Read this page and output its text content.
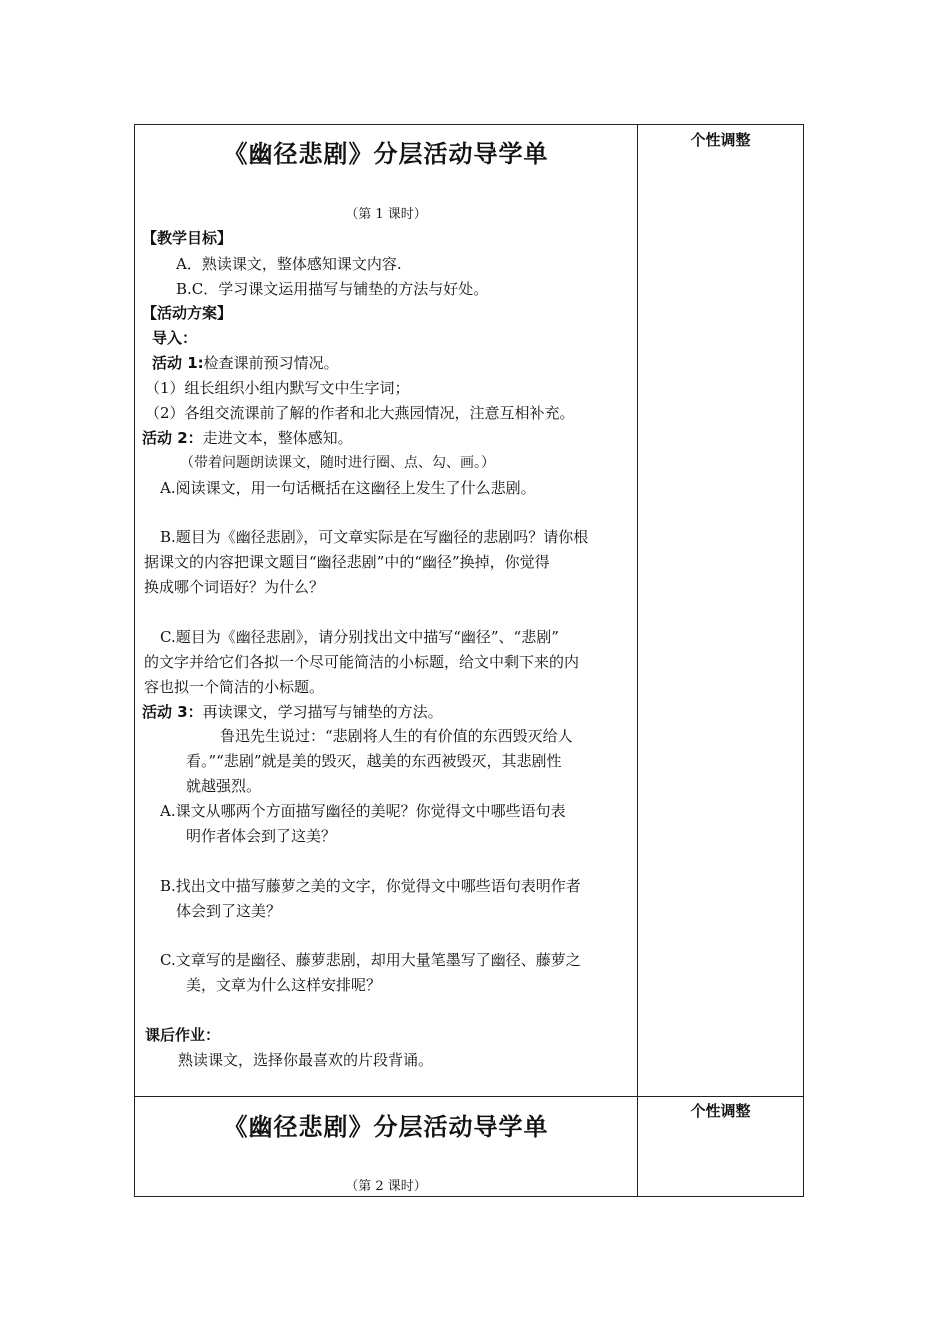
《幽径悲剧》分层活动导学单	个性调整
（第 1 课时）
【教学目标】
A．熟读课文，整体感知课文内容.
B.C．学习课文运用描写与铺垫的方法与好处。
【活动方案】
导入：
活动 1:检查课前预习情况。
（1）组长组织小组内默写文中生字词；
（2）各组交流课前了解的作者和北大燕园情况，注意互相补充。
活动 2：走进文本，整体感知。
（带着问题朗读课文，随时进行圈、点、勾、画。）
A.阅读课文，用一句话概括在这幽径上发生了什么悲剧。
B.题目为《幽径悲剧》，可文章实际是在写幽径的悲剧吗？请你根
据课文的内容把课文题目“幽径悲剧”中的“幽径”换掉，你觉得
换成哪个词语好？为什么？
C.题目为《幽径悲剧》，请分别找出文中描写“幽径”、“悲剧”
的文字并给它们各拟一个尽可能简洁的小标题，给文中剩下来的内
容也拟一个简洁的小标题。
活动 3：再读课文，学习描写与铺垫的方法。
鲁迅先生说过：“悲剧将人生的有价值的东西毁灭给人
看。”“悲剧”就是美的毁灭，越美的东西被毁灭，其悲剧性
就越强烈。
A.课文从哪两个方面描写幽径的美呢？你觉得文中哪些语句表
明作者体会到了这美？
B.找出文中描写藤萝之美的文字，你觉得文中哪些语句表明作者
体会到了这美？
C.文章写的是幽径、藤萝悲剧，却用大量笔墨写了幽径、藤萝之
美，文章为什么这样安排呢？
课后作业：
熟读课文，选择你最喜欢的片段背诵。
《幽径悲剧》分层活动导学单
个性调整
（第 2 课时）
